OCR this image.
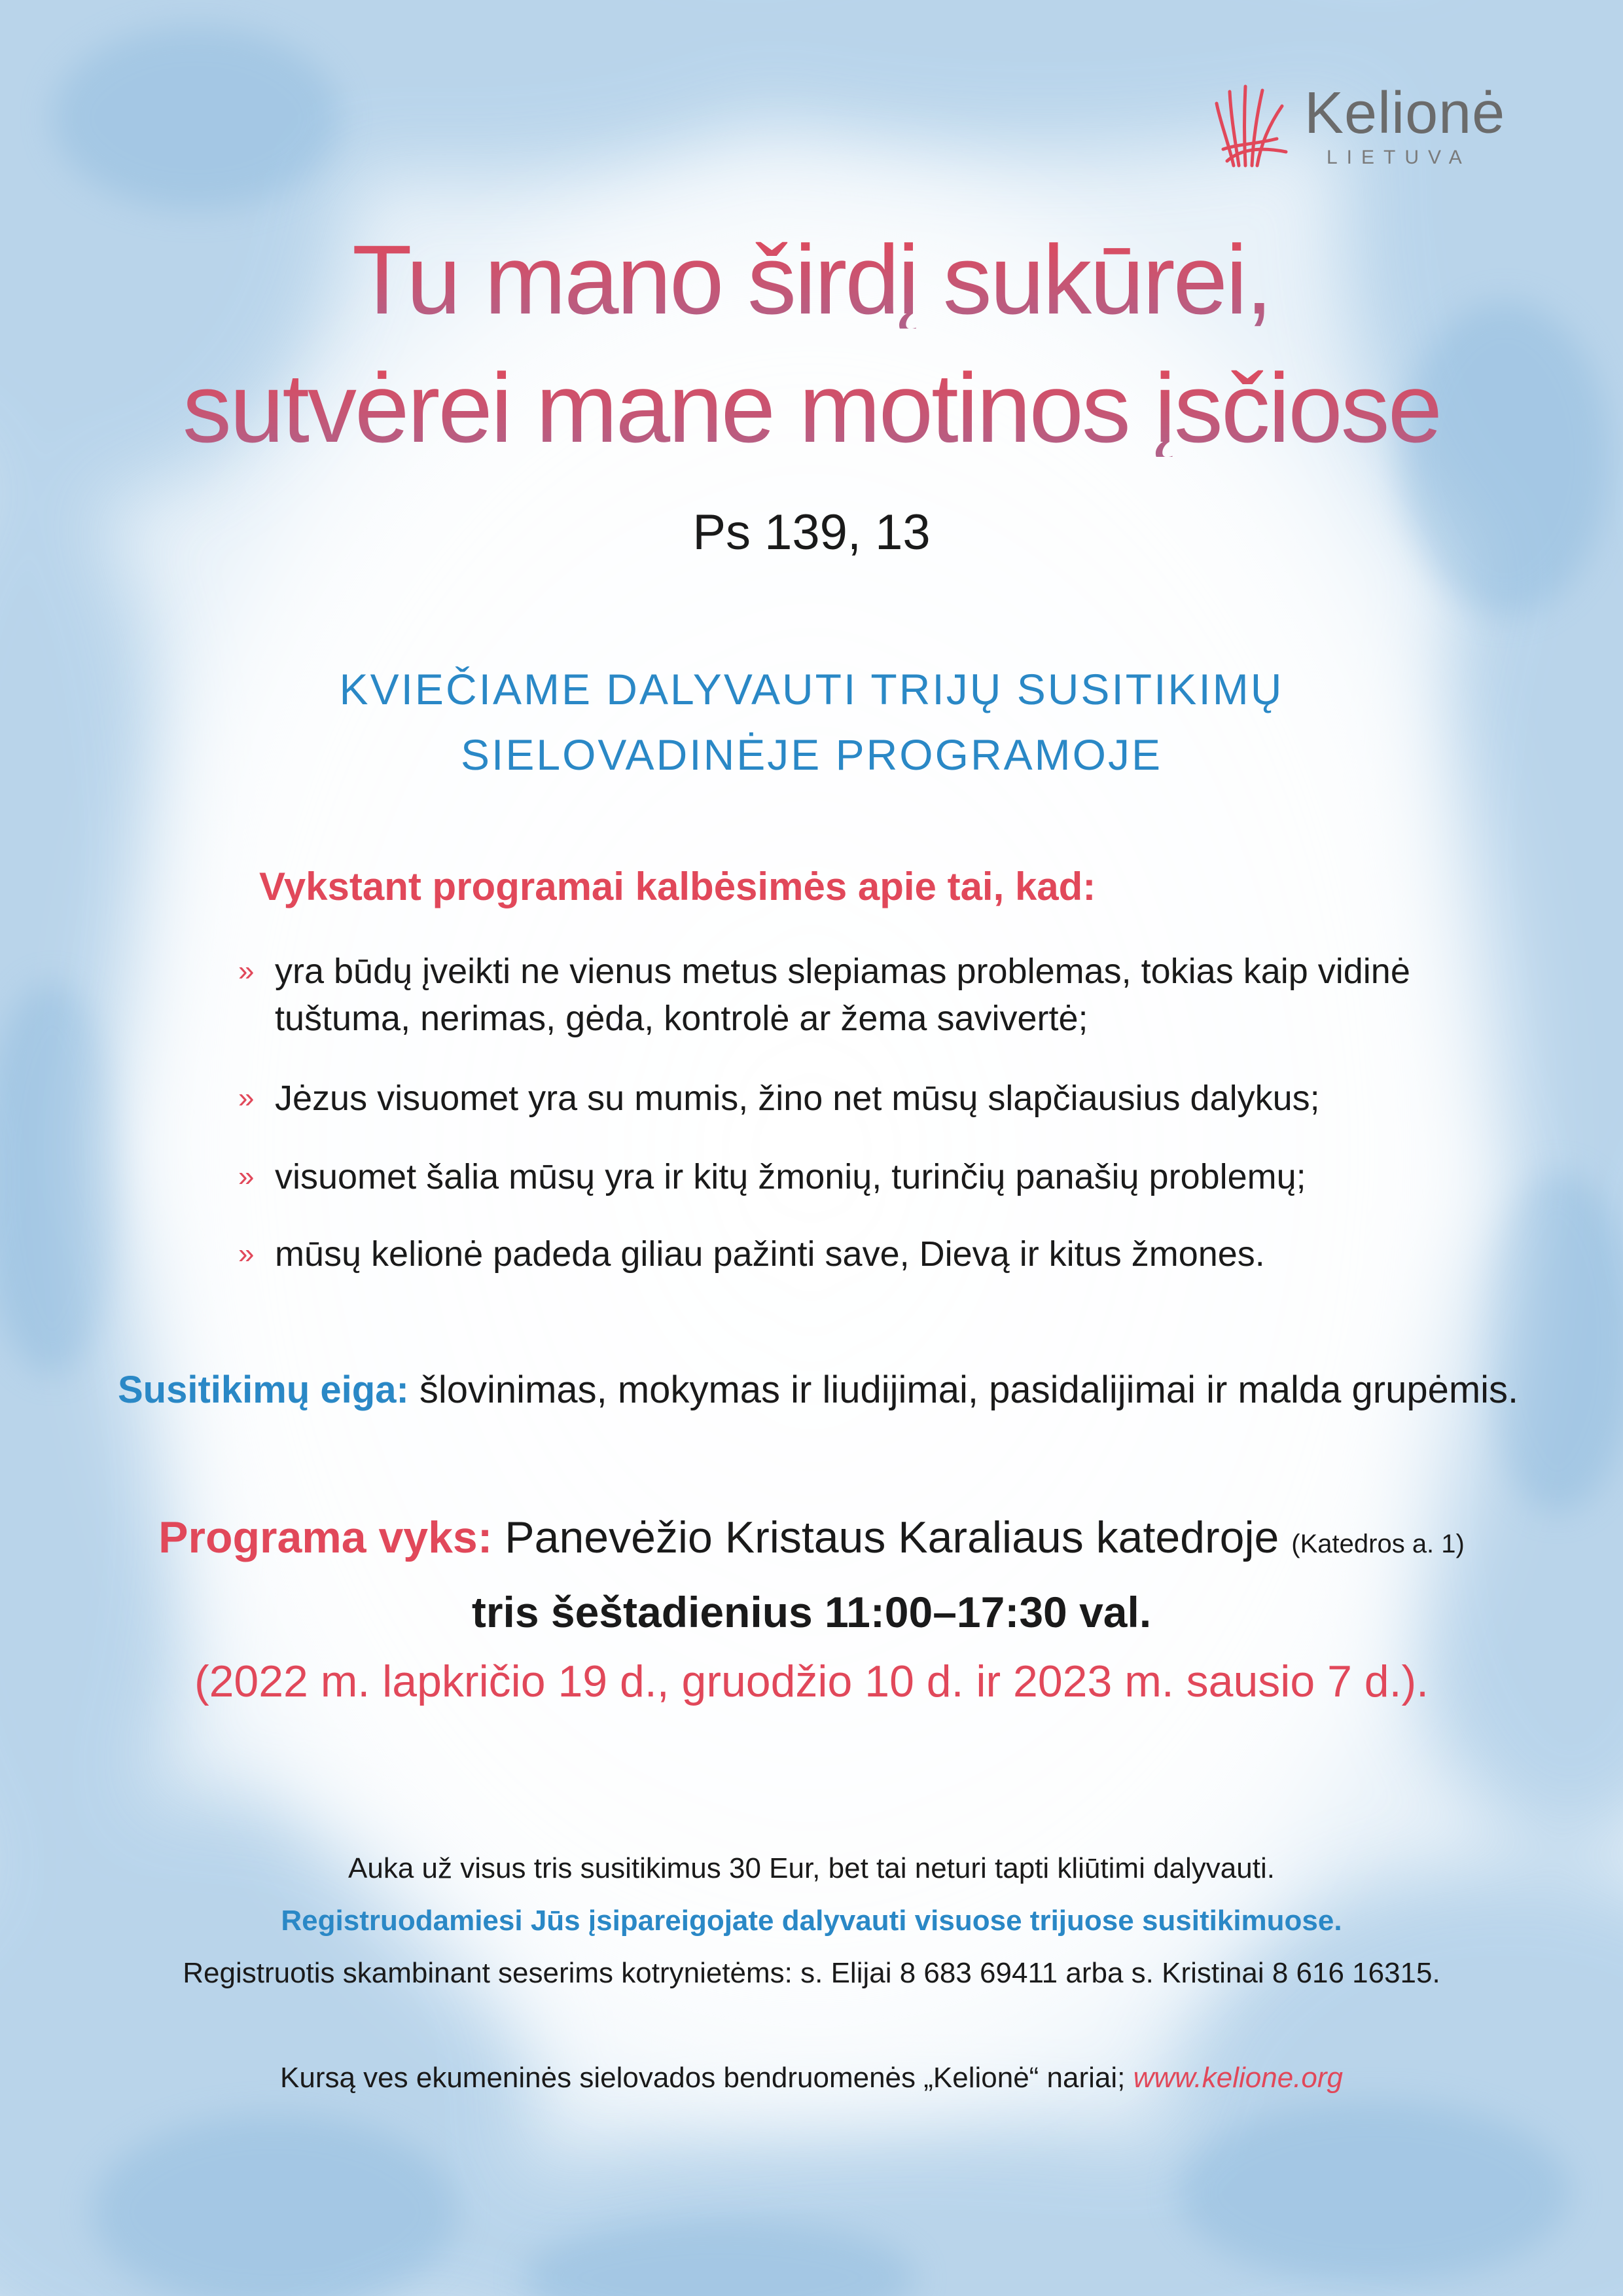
Kelionė
LIETUVA
Tu mano širdį sukūrei,
sutvėrei mane motinos įsčiose
Ps 139, 13
KVIEČIAME DALYVAUTI TRIJŲ SUSITIKIMŲ
SIELOVADINĖJE PROGRAMOJE
Vykstant programai kalbėsimės apie tai, kad:
» yra būdų įveikti ne vienus metus slepiamas problemas, tokias kaip vidinė tuštuma, nerimas, gėda, kontrolė ar žema savivertė;
» Jėzus visuomet yra su mumis, žino net mūsų slapčiausius dalykus;
» visuomet šalia mūsų yra ir kitų žmonių, turinčių panašių problemų;
» mūsų kelionė padeda giliau pažinti save, Dievą ir kitus žmones.
Susitikimų eiga: šlovinimas, mokymas ir liudijimai, pasidalijimai ir malda grupėmis.
Programa vyks: Panevėžio Kristaus Karaliaus katedroje (Katedros a. 1)
tris šeštadienius 11:00–17:30 val.
(2022 m. lapkričio 19 d., gruodžio 10 d. ir 2023 m. sausio 7 d.).
Auka už visus tris susitikimus 30 Eur, bet tai neturi tapti kliūtimi dalyvauti.
Registruodamiesi Jūs įsipareigojate dalyvauti visuose trijuose susitikimuose.
Registruotis skambinant seserims kotrynietėms: s. Elijai 8 683 69411 arba s. Kristinai 8 616 16315.
Kursą ves ekumeninės sielovados bendruomenės „Kelionė“ nariai; www.kelione.org
